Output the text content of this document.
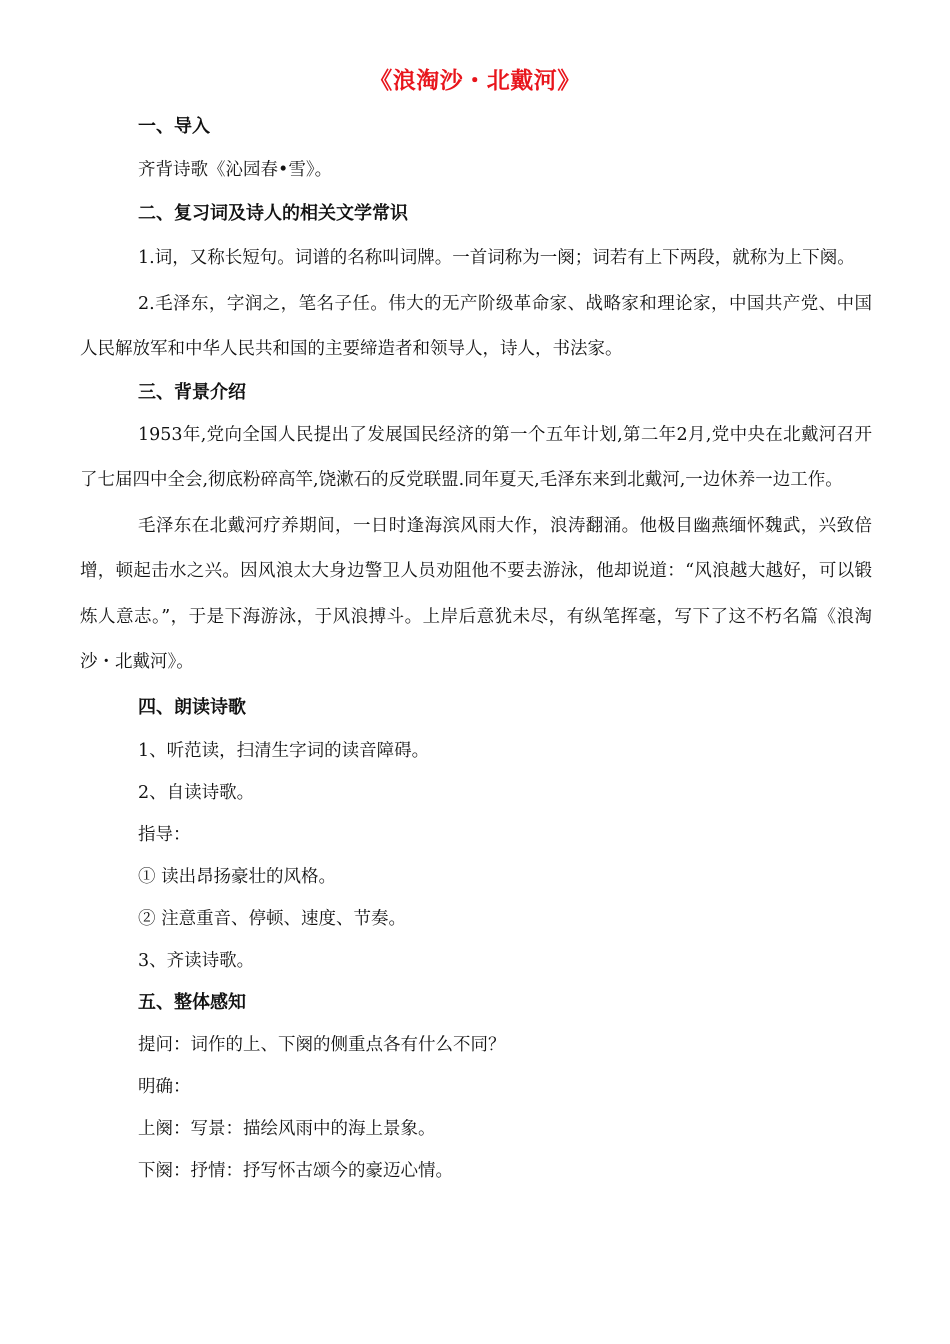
《浪淘沙・北戴河》
一、导入

齐背诗歌《沁园春•雪》。

二、复习词及诗人的相关文学常识

1.词，又称长短句。词谱的名称叫词牌。一首词称为一阕；词若有上下两段，就称为上下阕。

2.毛泽东，字润之，笔名子任。伟大的无产阶级革命家、战略家和理论家，中国共产党、中国人民解放军和中华人民共和国的主要缔造者和领导人，诗人，书法家。

三、背景介绍

1953年,党向全国人民提出了发展国民经济的第一个五年计划,第二年2月,党中央在北戴河召开了七届四中全会,彻底粉碎高竿,饶漱石的反党联盟.同年夏天,毛泽东来到北戴河,一边休养一边工作。

毛泽东在北戴河疗养期间，一日时逢海滨风雨大作，浪涛翻涌。他极目幽燕缅怀魏武，兴致倍增，顿起击水之兴。因风浪太大身边警卫人员劝阻他不要去游泳，他却说道：“风浪越大越好，可以锻炼人意志。”，于是下海游泳，于风浪搏斗。上岸后意犹未尽，有纵笔挥毫，写下了这不朽名篇《浪淘沙・北戴河》。

四、朗读诗歌

1、听范读，扫清生字词的读音障碍。

2、自读诗歌。

指导：

① 读出昂扬豪壮的风格。

② 注意重音、停顿、速度、节奏。

3、齐读诗歌。

五、整体感知

提问：词作的上、下阕的侧重点各有什么不同？

明确：

上阕：写景：描绘风雨中的海上景象。

下阕：抒情：抒写怀古颂今的豪迈心情。
